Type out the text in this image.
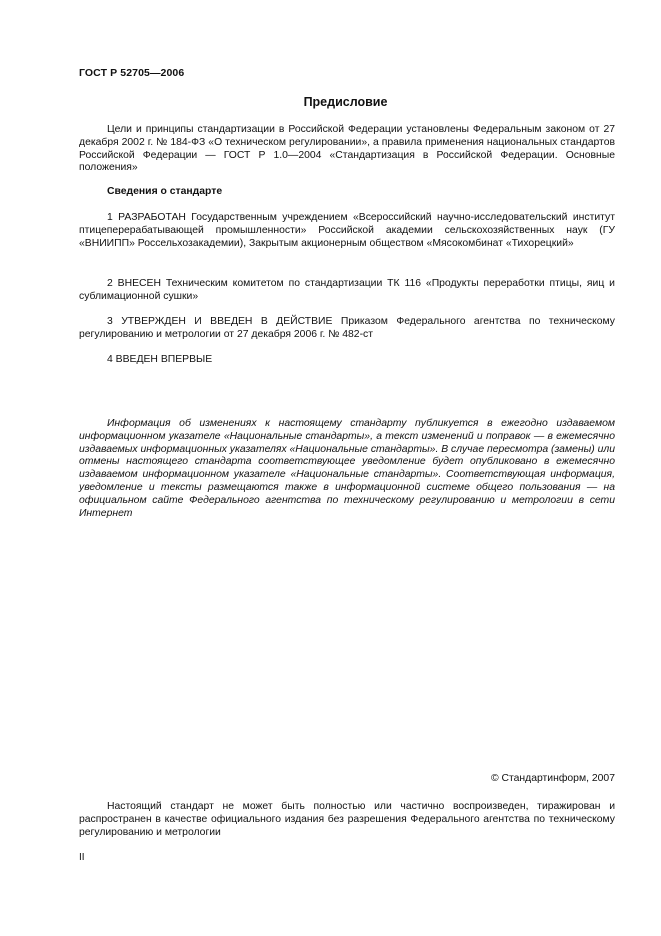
ГОСТ Р 52705—2006
Предисловие

Цели и принципы стандартизации в Российской Федерации установлены Федеральным законом от 27 декабря 2002 г. № 184-ФЗ «О техническом регулировании», а правила применения национальных стандартов Российской Федерации — ГОСТ Р 1.0—2004 «Стандартизация в Российской Федерации. Основные положения»

Сведения о стандарте

1 РАЗРАБОТАН Государственным учреждением «Всероссийский научно-исследовательский институт птицеперерабатывающей промышленности» Российской академии сельскохозяйственных наук (ГУ «ВНИИПП» Россельхозакадемии), Закрытым акционерным обществом «Мясокомбинат «Тихорецкий»

2 ВНЕСЕН Техническим комитетом по стандартизации ТК 116 «Продукты переработки птицы, яиц и сублимационной сушки»

3 УТВЕРЖДЕН И ВВЕДЕН В ДЕЙСТВИЕ Приказом Федерального агентства по техническому регулированию и метрологии от 27 декабря 2006 г. № 482-ст

4 ВВЕДЕН ВПЕРВЫЕ

Информация об изменениях к настоящему стандарту публикуется в ежегодно издаваемом информационном указателе «Национальные стандарты», а текст изменений и поправок — в ежемесячно издаваемых информационных указателях «Национальные стандарты». В случае пересмотра (замены) или отмены настоящего стандарта соответствующее уведомление будет опубликовано в ежемесячно издаваемом информационном указателе «Национальные стандарты». Соответствующая информация, уведомление и тексты размещаются также в информационной системе общего пользования — на официальном сайте Федерального агентства по техническому регулированию и метрологии в сети Интернет

© Стандартинформ, 2007

Настоящий стандарт не может быть полностью или частично воспроизведен, тиражирован и распространен в качестве официального издания без разрешения Федерального агентства по техническому регулированию и метрологии

II
